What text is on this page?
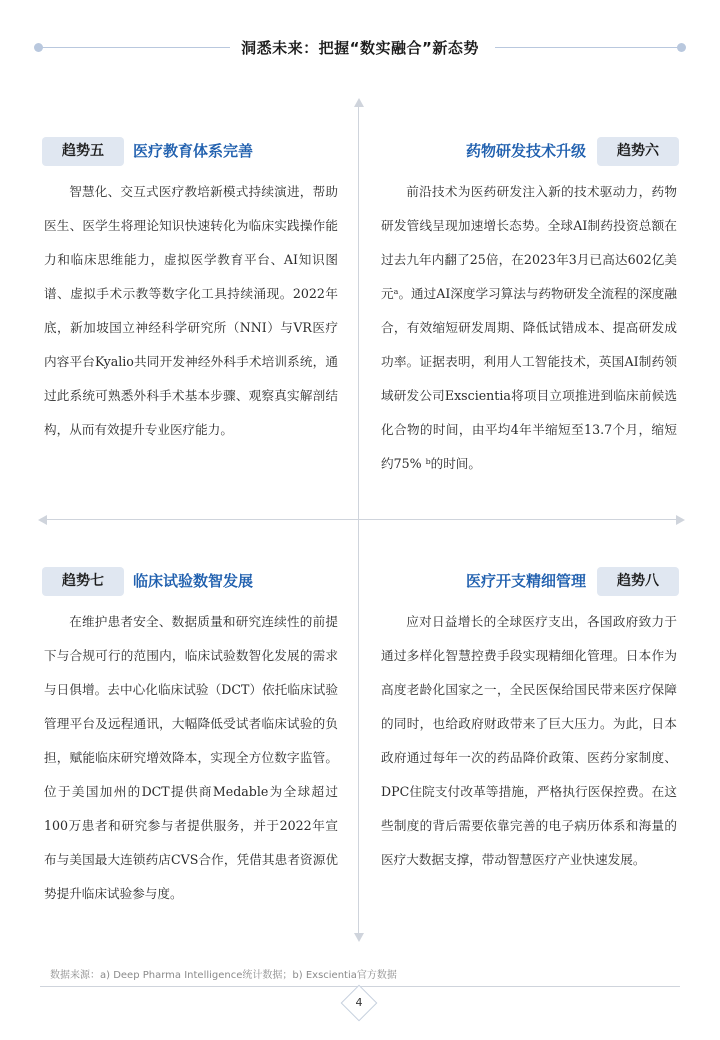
洞悉未来：把握“数实融合”新态势
趋势五	医疗教育体系完善
智慧化、交互式医疗教培新模式持续演进，帮助医生、医学生将理论知识快速转化为临床实践操作能力和临床思维能力，虚拟医学教育平台、AI知识图谱、虚拟手术示教等数字化工具持续涌现。2022年底，新加坡国立神经科学研究所（NNI）与VR医疗内容平台Kyalio共同开发神经外科手术培训系统，通过此系统可熟悉外科手术基本步骤、观察真实解剖结构，从而有效提升专业医疗能力。
药物研发技术升级	趋势六
前沿技术为医药研发注入新的技术驱动力，药物研发管线呈现加速增长态势。全球AI制药投资总额在过去九年内翻了25倍，在2023年3月已高达602亿美元ᵃ。通过AI深度学习算法与药物研发全流程的深度融合，有效缩短研发周期、降低试错成本、提高研发成功率。证据表明，利用人工智能技术，英国AI制药领域研发公司Exscientia将项目立项推进到临床前候选化合物的时间，由平均4年半缩短至13.7个月，缩短约75% ᵇ的时间。
趋势七	临床试验数智发展
在维护患者安全、数据质量和研究连续性的前提下与合规可行的范围内，临床试验数智化发展的需求与日俱增。去中心化临床试验（DCT）依托临床试验管理平台及远程通讯，大幅降低受试者临床试验的负担，赋能临床研究增效降本，实现全方位数字监管。位于美国加州的DCT提供商Medable为全球超过100万患者和研究参与者提供服务，并于2022年宣布与美国最大连锁药店CVS合作，凭借其患者资源优势提升临床试验参与度。
医疗开支精细管理	趋势八
应对日益增长的全球医疗支出，各国政府致力于通过多样化智慧控费手段实现精细化管理。日本作为高度老龄化国家之一，全民医保给国民带来医疗保障的同时，也给政府财政带来了巨大压力。为此，日本政府通过每年一次的药品降价政策、医药分家制度、DPC住院支付改革等措施，严格执行医保控费。在这些制度的背后需要依靠完善的电子病历体系和海量的医疗大数据支撑，带动智慧医疗产业快速发展。
数据来源：a) Deep Pharma Intelligence统计数据；b) Exscientia官方数据
4
